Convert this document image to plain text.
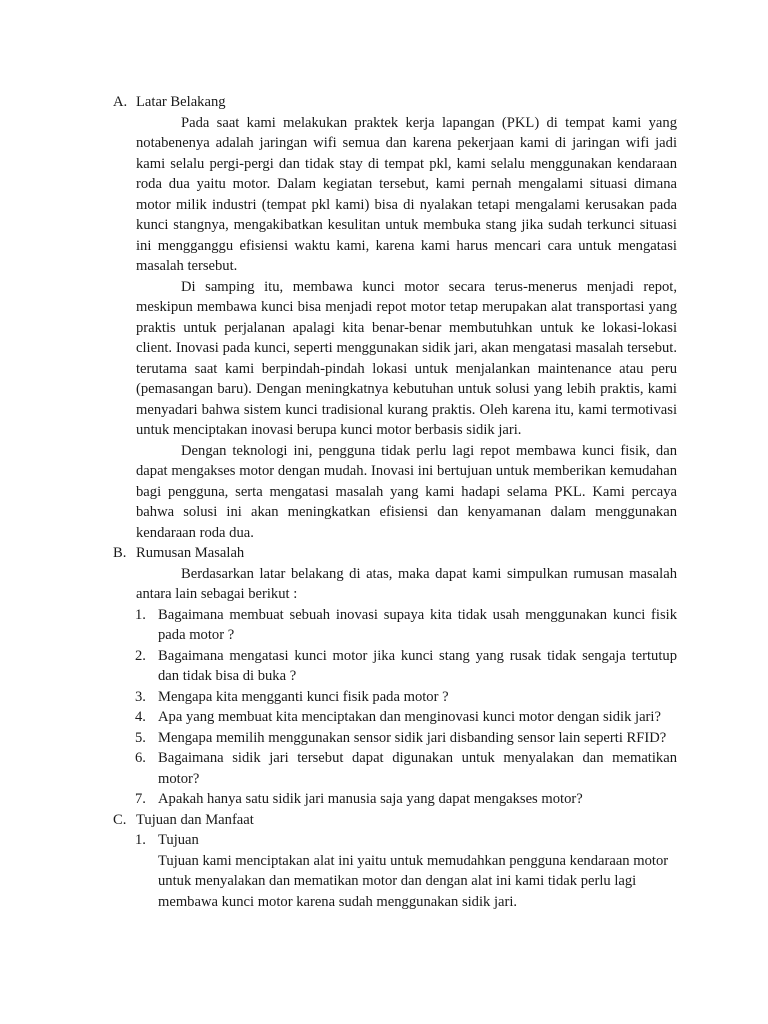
A. Latar Belakang

Pada saat kami melakukan praktek kerja lapangan (PKL) di tempat kami yang notabenenya adalah jaringan wifi semua dan karena pekerjaan kami di jaringan wifi jadi kami selalu pergi-pergi dan tidak stay di tempat pkl, kami selalu menggunakan kendaraan roda dua yaitu motor. Dalam kegiatan tersebut, kami pernah mengalami situasi dimana motor milik industri (tempat pkl kami) bisa di nyalakan tetapi mengalami kerusakan pada kunci stangnya, mengakibatkan kesulitan untuk membuka stang jika sudah terkunci situasi ini mengganggu efisiensi waktu kami, karena kami harus mencari cara untuk mengatasi masalah tersebut.

Di samping itu, membawa kunci motor secara terus-menerus menjadi repot, meskipun membawa kunci bisa menjadi repot motor tetap merupakan alat transportasi yang praktis untuk perjalanan apalagi kita benar-benar membutuhkan untuk ke lokasi-lokasi client. Inovasi pada kunci, seperti menggunakan sidik jari, akan mengatasi masalah tersebut. terutama saat kami berpindah-pindah lokasi untuk menjalankan maintenance atau peru (pemasangan baru). Dengan meningkatnya kebutuhan untuk solusi yang lebih praktis, kami menyadari bahwa sistem kunci tradisional kurang praktis. Oleh karena itu, kami termotivasi untuk menciptakan inovasi berupa kunci motor berbasis sidik jari.

Dengan teknologi ini, pengguna tidak perlu lagi repot membawa kunci fisik, dan dapat mengakses motor dengan mudah. Inovasi ini bertujuan untuk memberikan kemudahan bagi pengguna, serta mengatasi masalah yang kami hadapi selama PKL. Kami percaya bahwa solusi ini akan meningkatkan efisiensi dan kenyamanan dalam menggunakan kendaraan roda dua.

B. Rumusan Masalah

Berdasarkan latar belakang di atas, maka dapat kami simpulkan rumusan masalah antara lain sebagai berikut :

1. Bagaimana membuat sebuah inovasi supaya kita tidak usah menggunakan kunci fisik pada motor ?
2. Bagaimana mengatasi kunci motor jika kunci stang yang rusak tidak sengaja tertutup dan tidak bisa di buka ?
3. Mengapa kita mengganti kunci fisik pada motor ?
4. Apa yang membuat kita menciptakan dan menginovasi kunci motor dengan sidik jari?
5. Mengapa memilih menggunakan sensor sidik jari disbanding sensor lain seperti RFID?
6. Bagaimana sidik jari tersebut dapat digunakan untuk menyalakan dan mematikan motor?
7. Apakah hanya satu sidik jari manusia saja yang dapat mengakses motor?
C. Tujuan dan Manfaat
1. Tujuan

Tujuan kami menciptakan alat ini yaitu untuk memudahkan pengguna kendaraan motor untuk menyalakan dan mematikan motor dan dengan alat ini kami tidak perlu lagi membawa kunci motor karena sudah menggunakan sidik jari.
